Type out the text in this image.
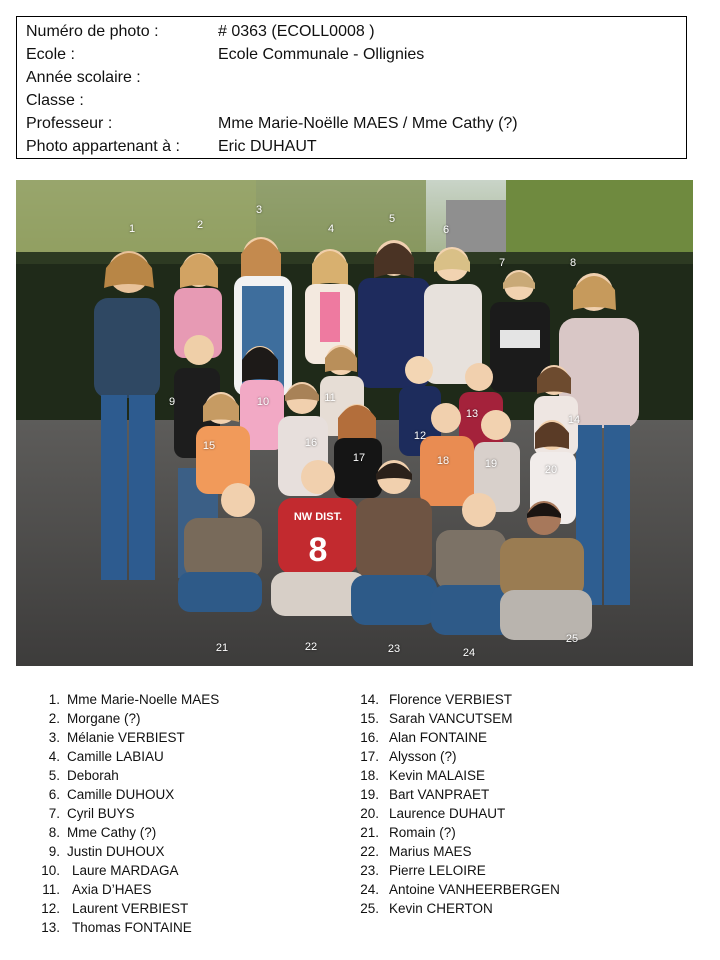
Numéro de photo :	# 0363 (ECOLL0008 )
Ecole :	Ecole Communale - Ollignies
Année scolaire :
Classe :
Professeur :	Mme Marie-Noëlle MAES / Mme Cathy (?)
Photo appartenant à : Eric DUHAUT
NW DIST.
8
1	2
3
4
5
6
7	8
9	10	11
12
13	14
15	16
17	18	19	20
21	22	23	24
25
1. Mme Marie-Noelle MAES
2. Morgane (?)
3. Mélanie VERBIEST
4. Camille LABIAU
5. Deborah
6. Camille DUHOUX
7. Cyril BUYS
8. Mme Cathy (?)
9. Justin DUHOUX
10. Laure MARDAGA
11. Axia D’HAES
12. Laurent VERBIEST
13. Thomas FONTAINE
14. Florence VERBIEST
15. Sarah VANCUTSEM
16. Alan FONTAINE
17. Alysson (?)
18. Kevin MALAISE
19. Bart VANPRAET
20. Laurence DUHAUT
21. Romain (?)
22. Marius MAES
23. Pierre LELOIRE
24. Antoine VANHEERBERGEN
25. Kevin CHERTON
